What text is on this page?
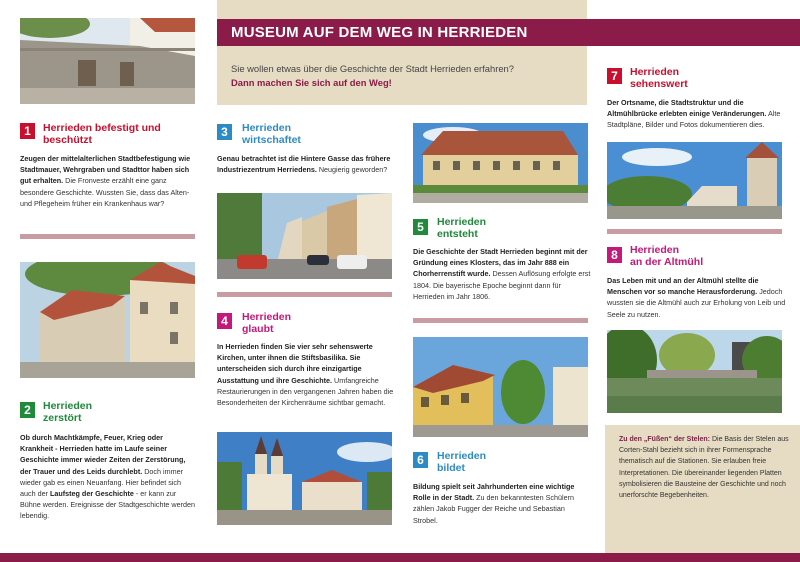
MUSEUM AUF DEM WEG IN HERRIEDEN
Sie wollen etwas über die Geschichte der Stadt Herrieden erfahren?
Dann machen Sie sich auf den Weg!
1	Herrieden befestigt und
beschützt
Zeugen der mittelalterlichen Stadtbefestigung wie Stadtmauer, Wehrgraben und Stadttor haben sich gut erhalten. Die Fronveste erzählt eine ganz besondere Geschichte. Wussten Sie, dass das Alten- und Pflegeheim früher ein Krankenhaus war?
2	Herrieden
zerstört
Ob durch Machtkämpfe, Feuer, Krieg oder Krankheit - Herrieden hatte im Laufe seiner Geschichte immer wieder Zeiten der Zerstörung, der Trauer und des Leids durchlebt. Doch immer wieder gab es einen Neuanfang. Hier befindet sich auch der Laufsteg der Geschichte - er kann zur Bühne werden. Ereignisse der Stadtgeschichte werden lebendig.
3	Herrieden
wirtschaftet
Genau betrachtet ist die Hintere Gasse das frühere Industriezentrum Herriedens. Neugierig geworden?
4	Herrieden
glaubt
In Herrieden finden Sie vier sehr sehenswerte Kirchen, unter ihnen die Stiftsbasilika. Sie unterscheiden sich durch ihre einzigartige Ausstattung und ihre Geschichte. Umfangreiche Restaurierungen in den vergangenen Jahren haben die Besonderheiten der Kirchenräume sichtbar gemacht.
5	Herrieden
entsteht
Die Geschichte der Stadt Herrieden beginnt mit der Gründung eines Klosters, das im Jahr 888 ein Chorherrenstift wurde. Dessen Auflösung erfolgte erst 1804. Die bayerische Epoche beginnt dann für Herrieden im Jahr 1806.
6	Herrieden
bildet
Bildung spielt seit Jahrhunderten eine wichtige Rolle in der Stadt. Zu den bekanntesten Schülern zählen Jakob Fugger der Reiche und Sebastian Strobel.
7	Herrieden
sehenswert
Der Ortsname, die Stadtstruktur und die Altmühlbrücke erlebten einige Veränderungen. Alte Stadtpläne, Bilder und Fotos dokumentieren dies.
8	Herrieden
an der Altmühl
Das Leben mit und an der Altmühl stellte die Menschen vor so manche Herausforderung. Jedoch wussten sie die Altmühl auch zur Erholung von Leib und Seele zu nutzen.
Zu den „Füßen“ der Stelen: Die Basis der Stelen aus Corten-Stahl bezieht sich in ihrer Formensprache thematisch auf die Stationen. Sie erlauben freie Interpretationen. Die übereinander liegenden Platten symbolisieren die Bausteine der Geschichte und noch unerforschte Begebenheiten.
